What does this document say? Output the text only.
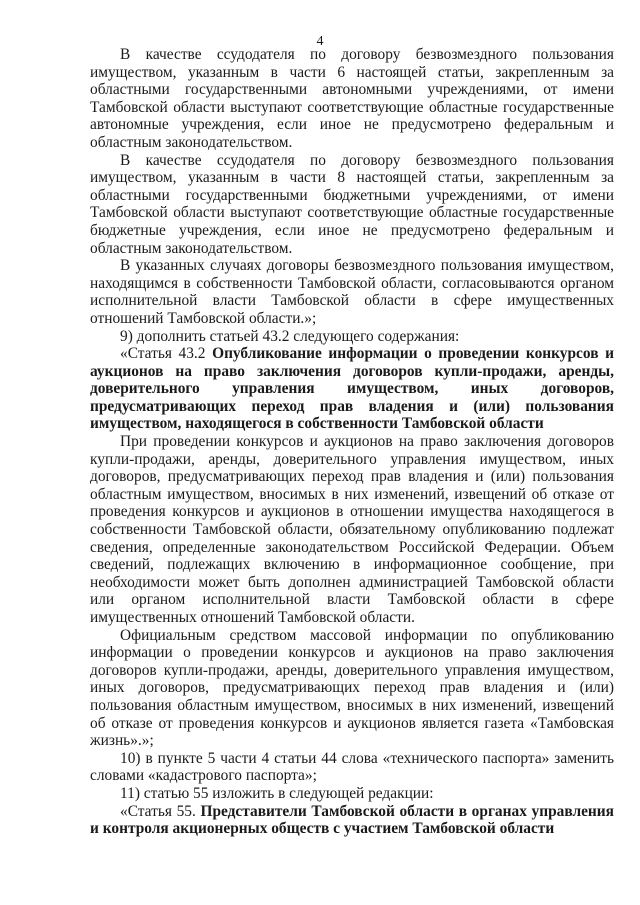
4

В качестве ссудодателя по договору безвозмездного пользования имуществом, указанным в части 6 настоящей статьи, закрепленным за областными государственными автономными учреждениями, от имени Тамбовской области выступают соответствующие областные государственные автономные учреждения, если иное не предусмотрено федеральным и областным законодательством.

В качестве ссудодателя по договору безвозмездного пользования имуществом, указанным в части 8 настоящей статьи, закрепленным за областными государственными бюджетными учреждениями, от имени Тамбовской области выступают соответствующие областные государственные бюджетные учреждения, если иное не предусмотрено федеральным и областным законодательством.

В указанных случаях договоры безвозмездного пользования имуществом, находящимся в собственности Тамбовской области, согласовываются органом исполнительной власти Тамбовской области в сфере имущественных отношений Тамбовской области.»;

9) дополнить статьей 43.2 следующего содержания:

«Статья 43.2 Опубликование информации о проведении конкурсов и аукционов на право заключения договоров купли-продажи, аренды, доверительного управления имуществом, иных договоров, предусматривающих переход прав владения и (или) пользования имуществом, находящегося в собственности Тамбовской области

При проведении конкурсов и аукционов на право заключения договоров купли-продажи, аренды, доверительного управления имуществом, иных договоров, предусматривающих переход прав владения и (или) пользования областным имуществом, вносимых в них изменений, извещений об отказе от проведения конкурсов и аукционов в отношении имущества находящегося в собственности Тамбовской области, обязательному опубликованию подлежат сведения, определенные законодательством Российской Федерации. Объем сведений, подлежащих включению в информационное сообщение, при необходимости может быть дополнен администрацией Тамбовской области или органом исполнительной власти Тамбовской области в сфере имущественных отношений Тамбовской области.

Официальным средством массовой информации по опубликованию информации о проведении конкурсов и аукционов на право заключения договоров купли-продажи, аренды, доверительного управления имуществом, иных договоров, предусматривающих переход прав владения и (или) пользования областным имуществом, вносимых в них изменений, извещений об отказе от проведения конкурсов и аукционов является газета «Тамбовская жизнь».»;

10) в пункте 5 части 4 статьи 44 слова «технического паспорта» заменить словами «кадастрового паспорта»;

11) статью 55 изложить в следующей редакции:

«Статья 55. Представители Тамбовской области в органах управления и контроля акционерных обществ с участием Тамбовской области
